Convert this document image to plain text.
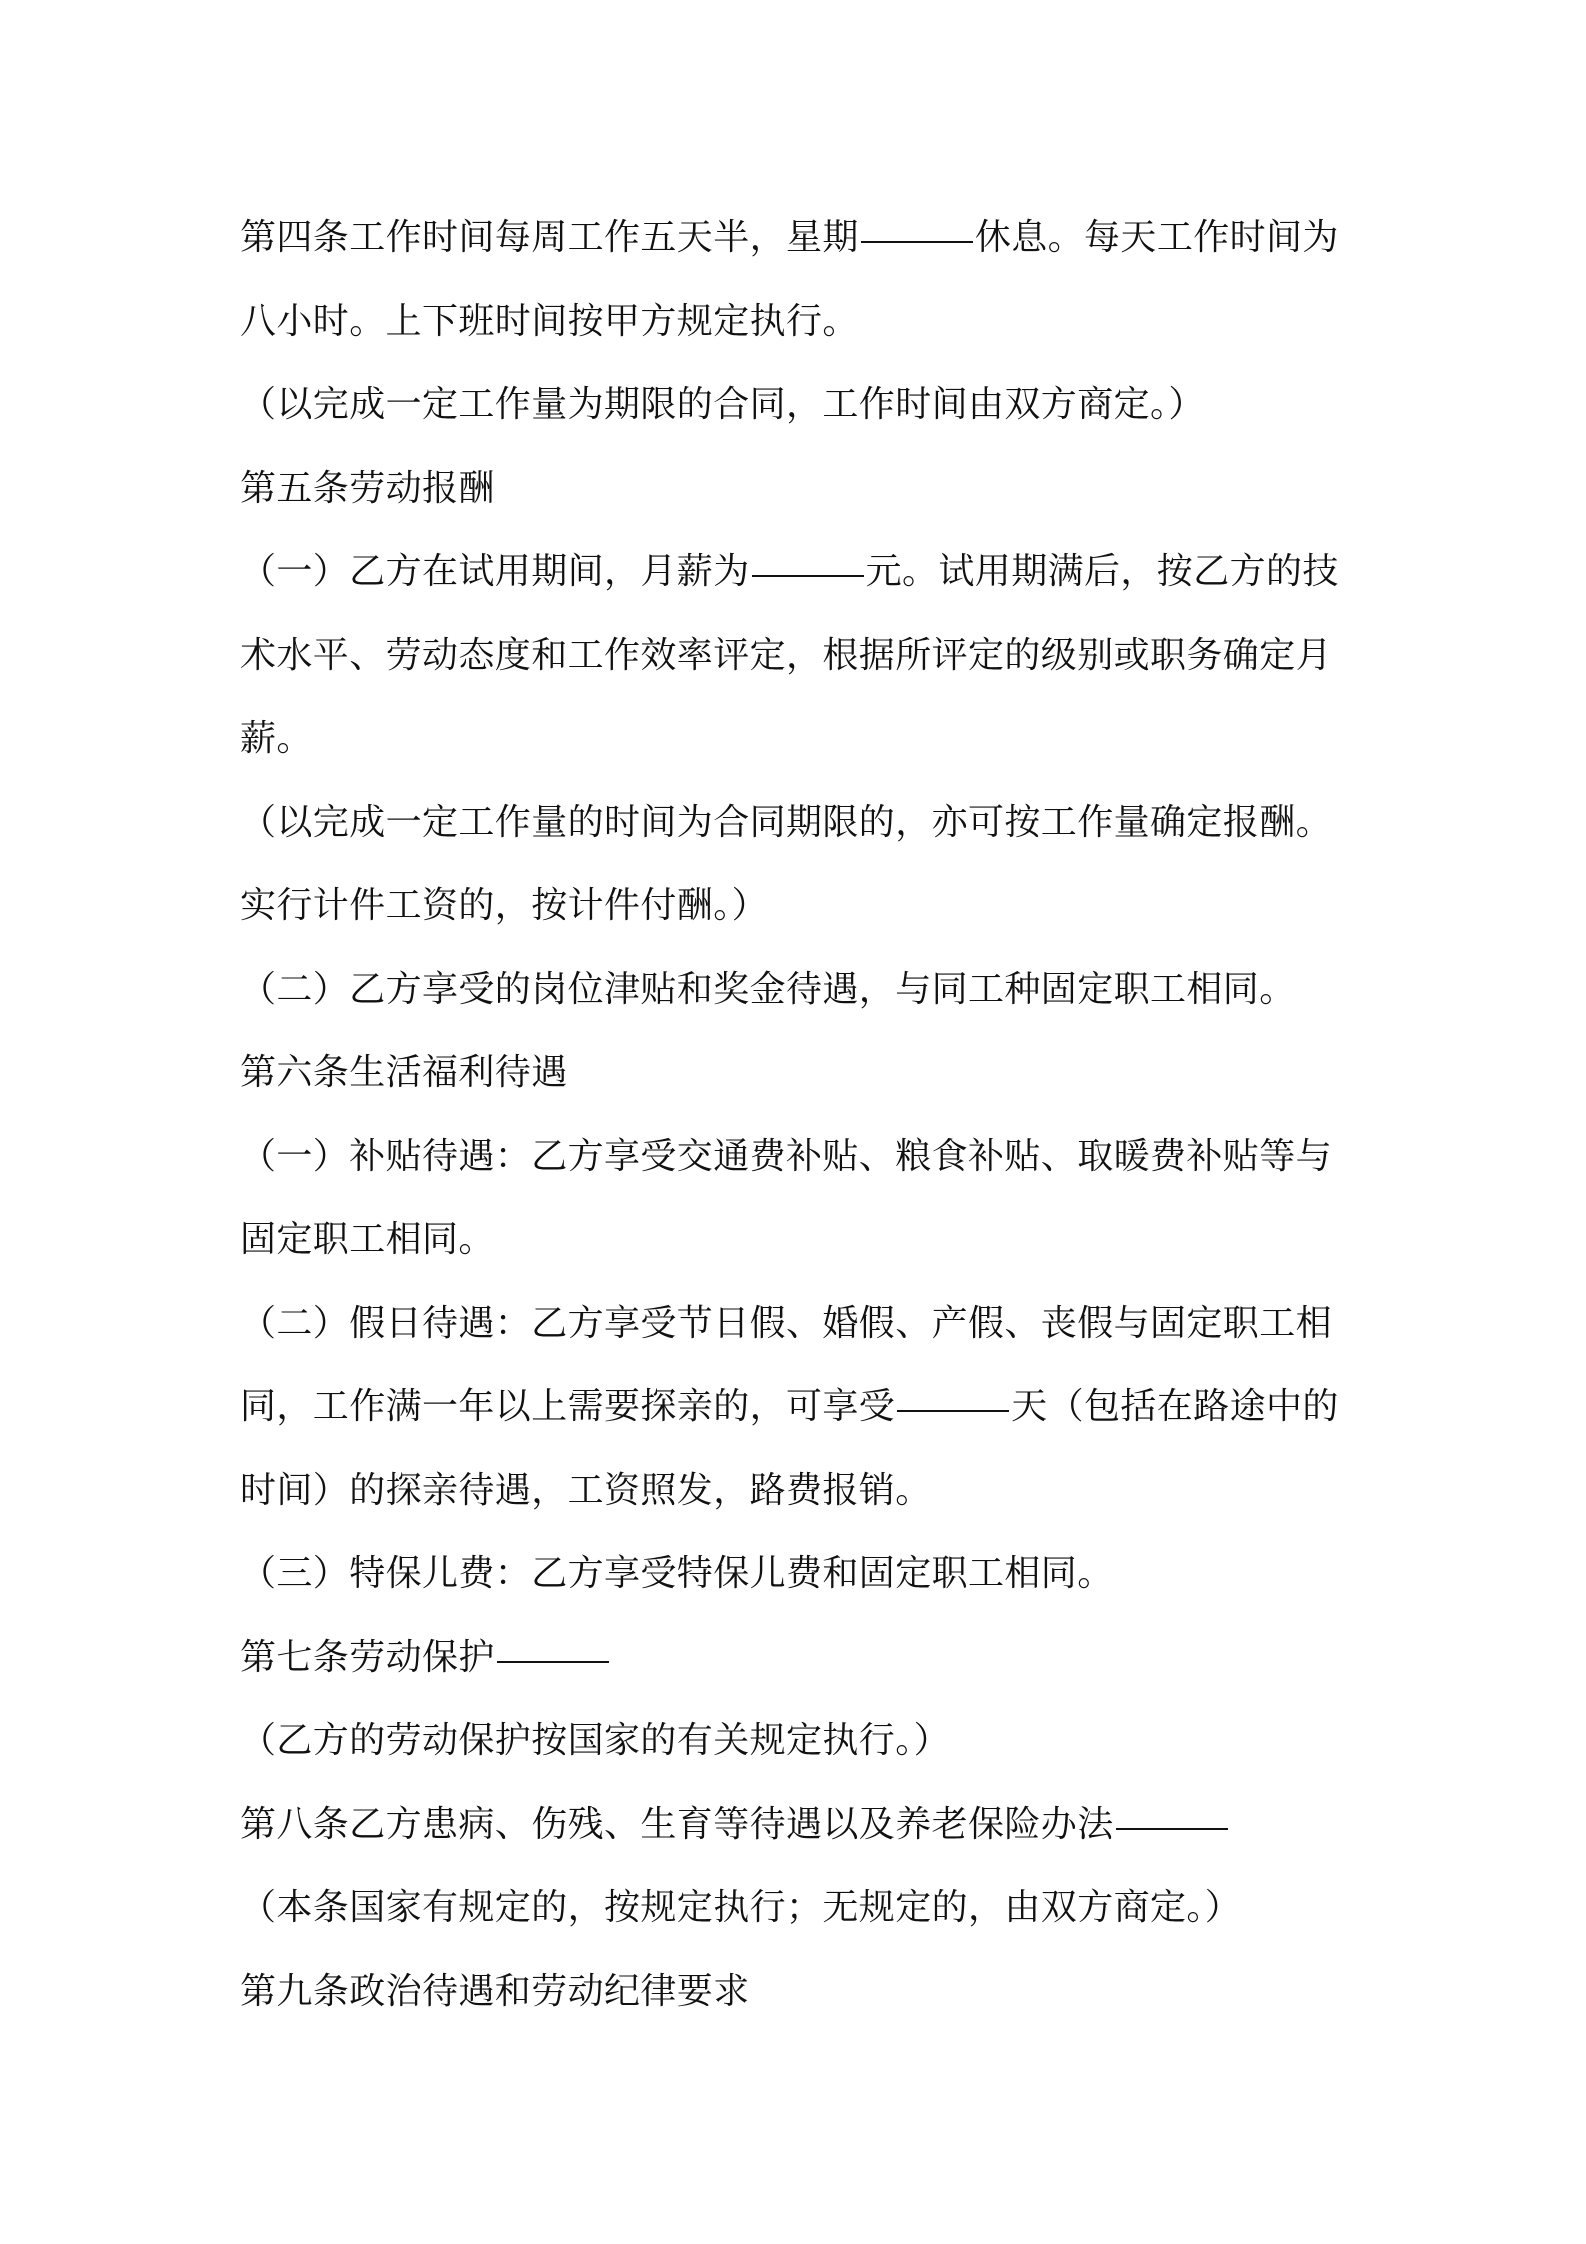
第四条工作时间每周工作五天半，星期	休息。每天工作时间为
八小时。上下班时间按甲方规定执行。
（以完成一定工作量为期限的合同，工作时间由双方商定。）
第五条劳动报酬
（一）乙方在试用期间，月薪为	元。试用期满后，按乙方的技
术水平、劳动态度和工作效率评定，根据所评定的级别或职务确定月
薪。
（以完成一定工作量的时间为合同期限的，亦可按工作量确定报酬。
实行计件工资的，按计件付酬。）
（二）乙方享受的岗位津贴和奖金待遇，与同工种固定职工相同。
第六条生活福利待遇
（一）补贴待遇：乙方享受交通费补贴、粮食补贴、取暖费补贴等与
固定职工相同。
（二）假日待遇：乙方享受节日假、婚假、产假、丧假与固定职工相
同，工作满一年以上需要探亲的，可享受	天（包括在路途中的
时间）的探亲待遇，工资照发，路费报销。
（三）特保儿费：乙方享受特保儿费和固定职工相同。
第七条劳动保护
（乙方的劳动保护按国家的有关规定执行。）
第八条乙方患病、伤残、生育等待遇以及养老保险办法
（本条国家有规定的，按规定执行；无规定的，由双方商定。）
第九条政治待遇和劳动纪律要求
